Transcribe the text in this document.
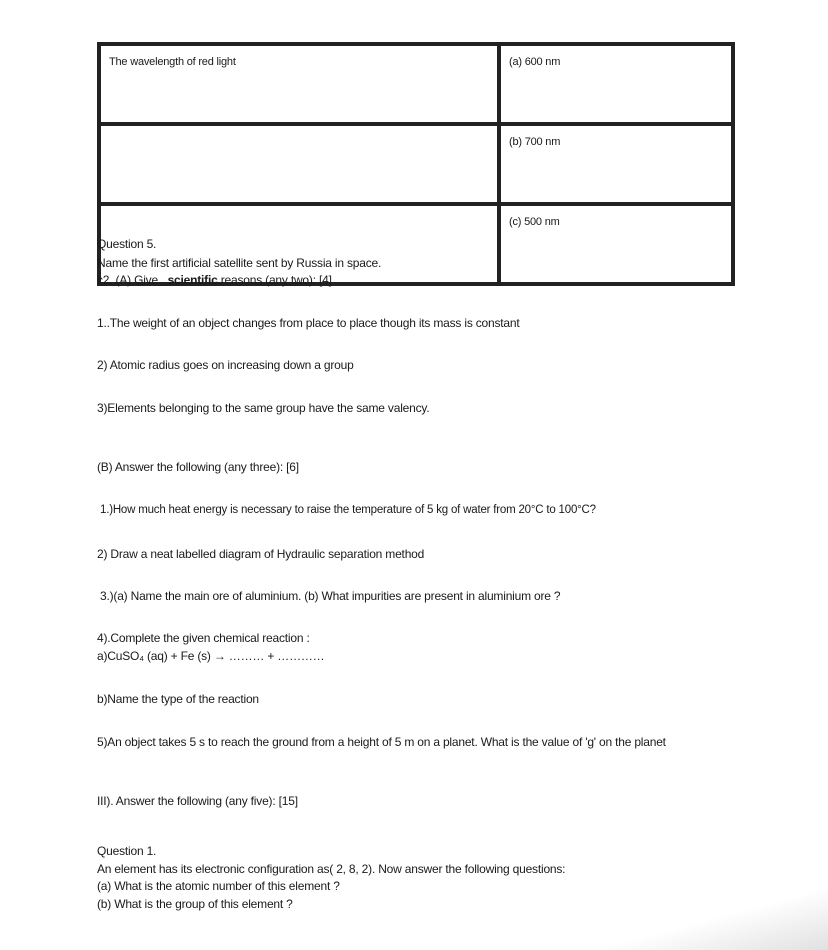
The wavelength of red light	(a) 600 nm
	(b) 700 nm
	(c) 500 nm
Question 5.
Name the first artificial satellite sent by Russia in space.
c2. (A) Give _scientific reasons (any two): [4]
1..The weight of an object changes from place to place though its mass is constant
2) Atomic radius goes on increasing down a group
3)Elements belonging to the same group have the same valency.
(B) Answer the following (any three): [6]
1.)How much heat energy is necessary to raise the temperature of 5 kg of water from 20°C to 100°C?
2) Draw a neat labelled diagram of Hydraulic separation method
3.)(a) Name the main ore of aluminium. (b) What impurities are present in aluminium ore ?
4).Complete the given chemical reaction :
a)CuSO₄ (aq) + Fe (s) → ……… + …………
b)Name the type of the reaction
5)An object takes 5 s to reach the ground from a height of 5 m on a planet. What is the value of 'g' on the planet
III). Answer the following (any five): [15]
Question 1.
An element has its electronic configuration as( 2, 8, 2). Now answer the following questions:
(a) What is the atomic number of this element ?
(b) What is the group of this element ?
